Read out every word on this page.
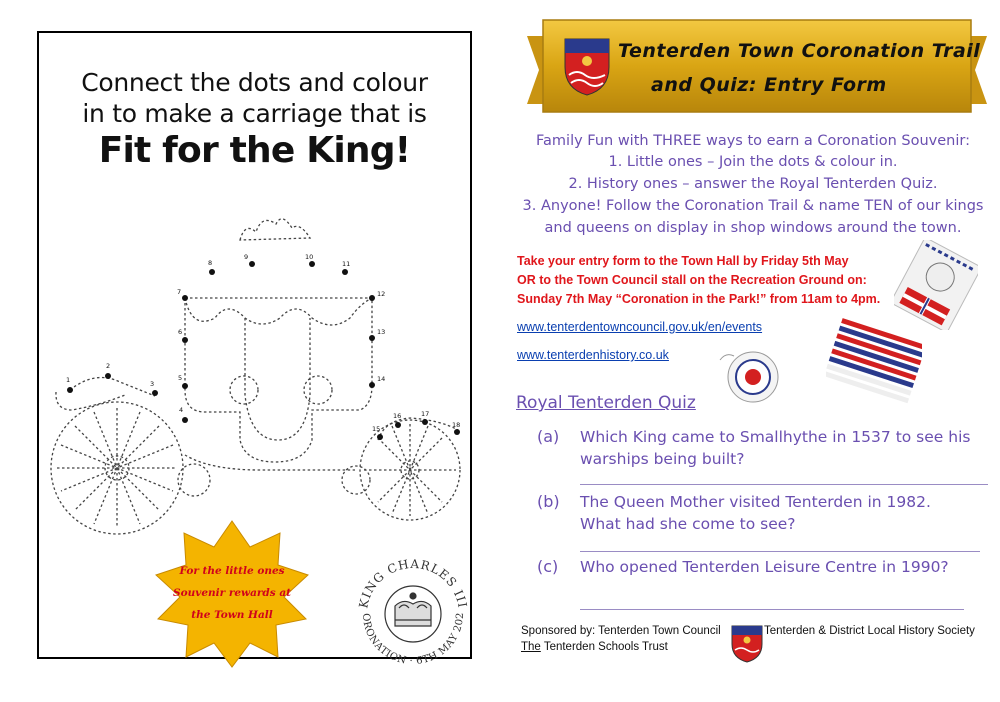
Connect the dots and colour
in to make a carriage that is
Fit for the King!
1
2
3
4
5
6
7
8
9	10
11
12
13
14
15
16	17
18
For the little ones
Souvenir rewards at
the Town Hall
KING CHARLES III
ORONATION · 6TH MAY 202
Tenterden Town Coronation Trail
and Quiz: Entry Form
Family Fun with THREE ways to earn a Coronation Souvenir:
1. Little ones – Join the dots & colour in.
2. History ones – answer the Royal Tenterden Quiz.
3. Anyone! Follow the Coronation Trail & name TEN of our kings
and queens on display in shop windows around the town.
Take your entry form to the Town Hall by Friday 5th May
OR to the Town Council stall on the Recreation Ground on:
Sunday 7th May “Coronation in the Park!” from 11am to 4pm.
www.tenterdentowncouncil.gov.uk/en/events
www.tenterdenhistory.co.uk
Royal Tenterden Quiz
(a) Which King came to Smallhythe in 1537 to see his
warships being built?
(b) The Queen Mother visited Tenterden in 1982.
What had she come to see?
(c) Who opened Tenterden Leisure Centre in 1990?
Sponsored by: Tenterden Town Council
The Tenterden Schools Trust
Tenterden & District Local History Society
